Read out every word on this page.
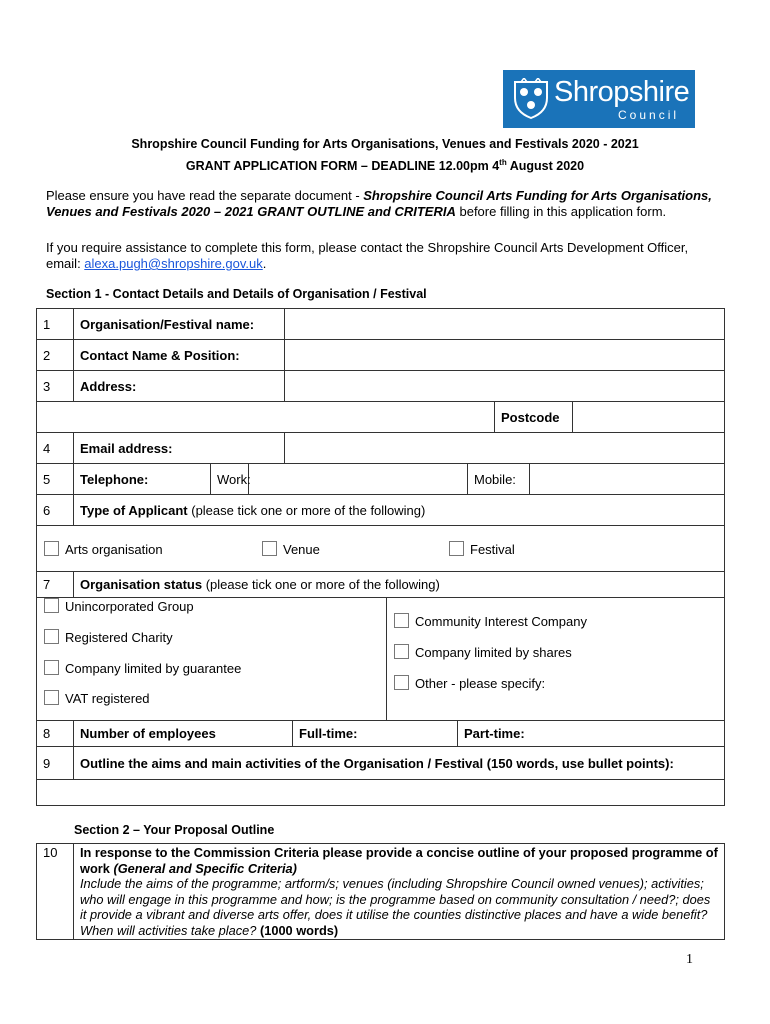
Shropshire
Council
Shropshire Council Funding for Arts Organisations, Venues and Festivals 2020 - 2021
GRANT APPLICATION FORM – DEADLINE 12.00pm 4th August 2020
Please ensure you have read the separate document - Shropshire Council Arts Funding for Arts Organisations, Venues and Festivals 2020 – 2021 GRANT OUTLINE and CRITERIA before filling in this application form.
If you require assistance to complete this form, please contact the Shropshire Council Arts Development Officer, email: alexa.pugh@shropshire.gov.uk.
Section 1 - Contact Details and Details of Organisation / Festival
1	Organisation/Festival name:	
2	Contact Name & Position:	
3	Address:	
	Postcode	
4	Email address:	
5	Telephone:	Work:		Mobile:	
6	Type of Applicant (please tick one or more of the following)

Arts organisation	Venue	Festival
7	Organisation status (please tick one or more of the following)	

Unincorporated Group
Registered Charity
Company limited by guarantee
VAT registered
Community Interest Company
Company limited by shares
Other - please specify:
8	Number of employees	Full-time:	Part-time:
9	Outline the aims and main activities of the Organisation / Festival (150 words, use bullet points):

Section 2 – Your Proposal Outline
10	In response to the Commission Criteria please provide a concise outline of your proposed programme of work (General and Specific Criteria)
Include the aims of the programme; artform/s; venues (including Shropshire Council owned venues); activities; who will engage in this programme and how; is the programme based on community consultation / need?; does it provide a vibrant and diverse arts offer, does it utilise the counties distinctive places and have a wide benefit? When will activities take place? (1000 words)
1
